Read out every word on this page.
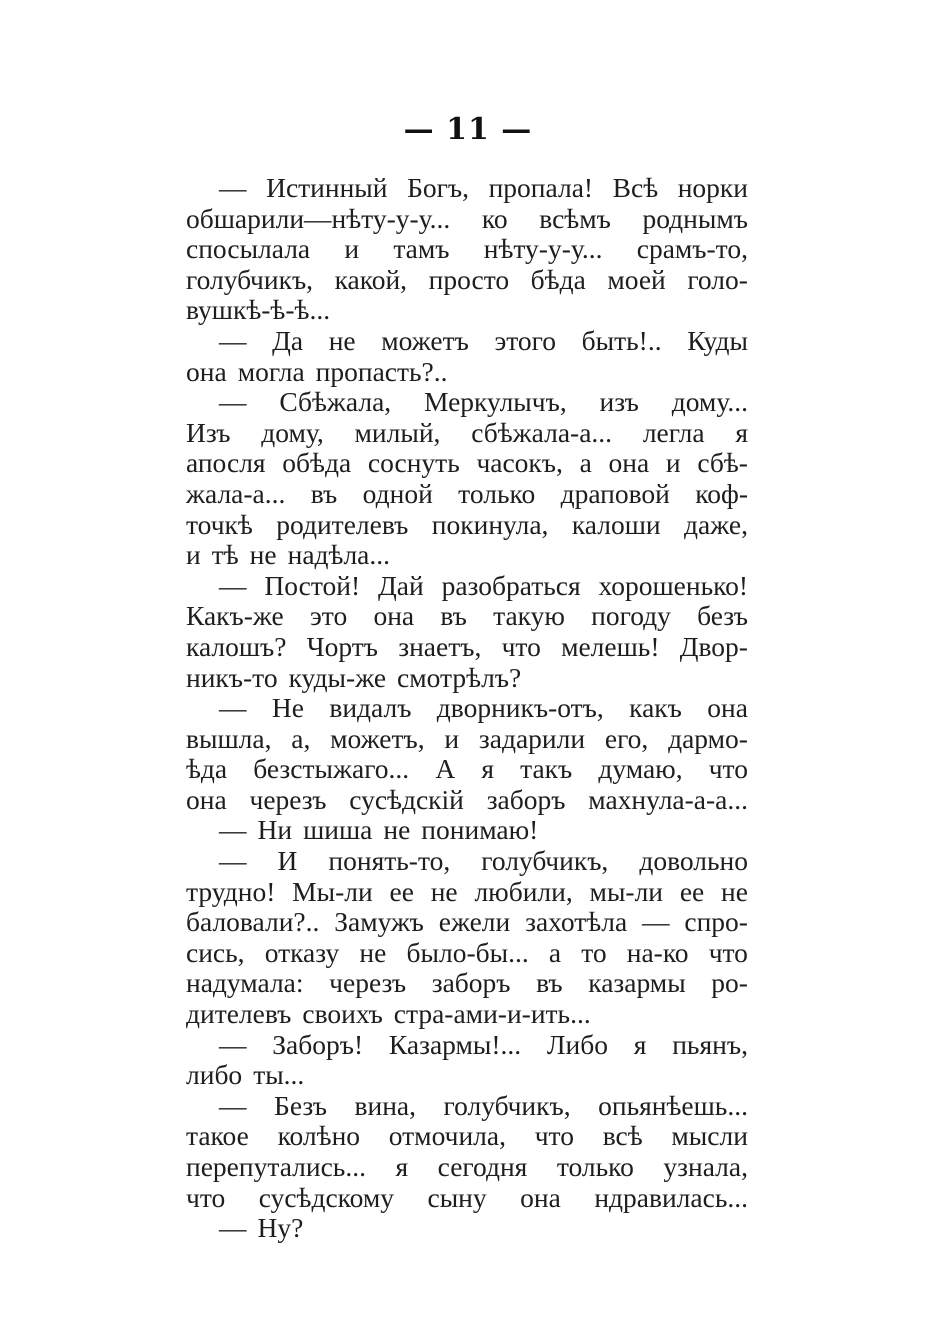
— 11 —
— Истинный Богъ, пропала! Всѣ норки
обшарили—нѣту-у-у... ко всѣмъ роднымъ
спосылала и тамъ нѣту-у-у... срамъ-то,
голубчикъ, какой, просто бѣда моей голо-
вушкѣ-ѣ-ѣ...
— Да не можетъ этого быть!.. Куды
она могла пропасть?..
— Сбѣжала, Меркулычъ, изъ дому...
Изъ дому, милый, сбѣжала-а... легла я
апосля обѣда соснуть часокъ, а она и сбѣ-
жала-а... въ одной только драповой коф-
точкѣ родителевъ покинула, калоши даже,
и тѣ не надѣла...
— Постой! Дай разобраться хорошенько!
Какъ-же это она въ такую погоду безъ
калошъ? Чортъ знаетъ, что мелешь! Двор-
никъ-то куды-же смотрѣлъ?
— Не видалъ дворникъ-отъ, какъ она
вышла, а, можетъ, и задарили его, дармо-
ѣда безстыжаго... А я такъ думаю, что
она черезъ сусѣдскій заборъ махнула-а-а...
— Ни шиша не понимаю!
— И понять-то, голубчикъ, довольно
трудно! Мы-ли ее не любили, мы-ли ее не
баловали?.. Замужъ ежели захотѣла — спро-
сись, отказу не было-бы... а то на-ко что
надумала: черезъ заборъ въ казармы ро-
дителевъ своихъ стра-ами-и-ить...
— Заборъ! Казармы!... Либо я пьянъ,
либо ты...
— Безъ вина, голубчикъ, опьянѣешь...
такое колѣно отмочила, что всѣ мысли
перепутались... я сегодня только узнала,
что сусѣдскому сыну она ндравилась...
— Ну?
